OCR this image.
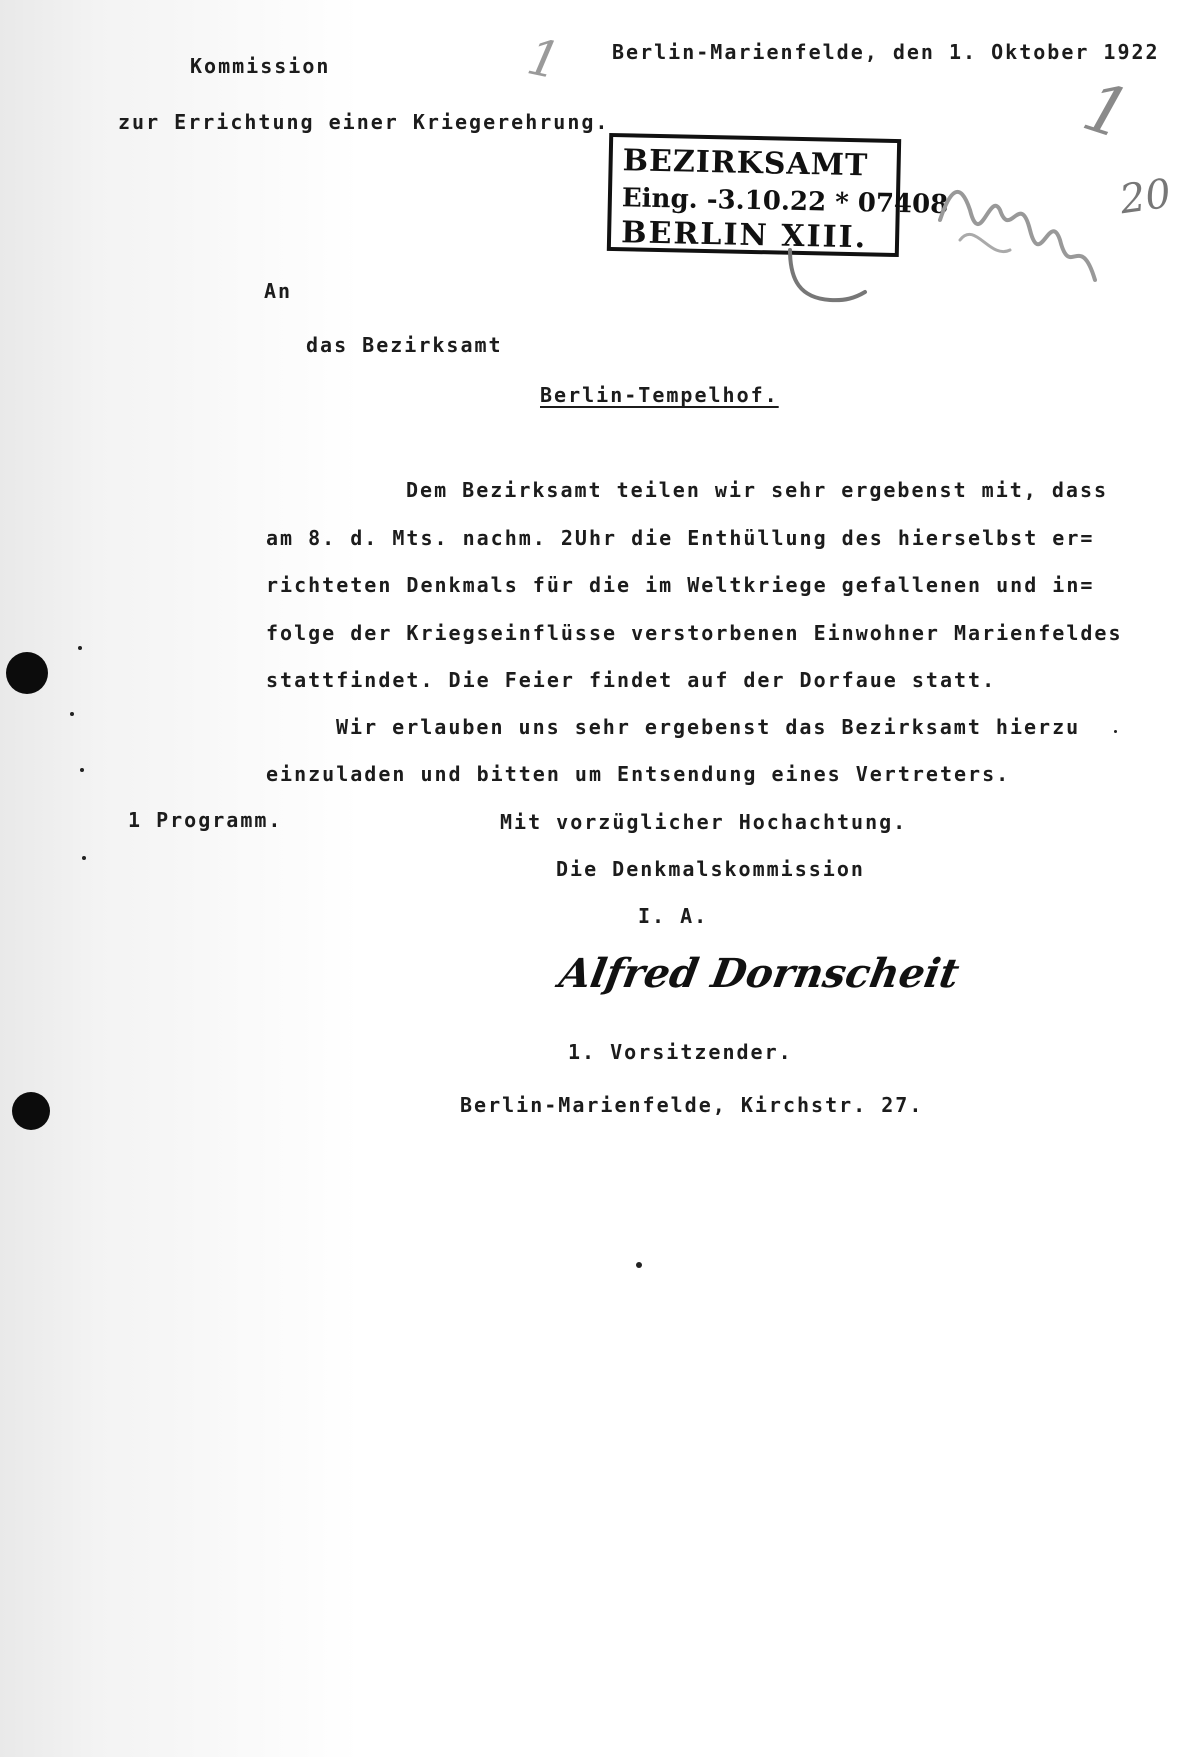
Kommission
zur Errichtung einer Kriegerehrung.
Berlin-Marienfelde, den 1. Oktober 1922
BEZIRKSAMT
Eing. -3.10.22 * 07408
BERLIN XIII.
1
1
20
An
das Bezirksamt
Berlin-Tempelhof.
Dem Bezirksamt teilen wir sehr ergebenst mit, dass
am 8. d. Mts. nachm. 2Uhr die Enthüllung des hierselbst er=
richteten Denkmals für die im Weltkriege gefallenen und in=
folge der Kriegseinflüsse verstorbenen Einwohner Marienfeldes
stattfindet. Die Feier findet auf der Dorfaue statt.
Wir erlauben uns sehr ergebenst das Bezirksamt hierzu
einzuladen und bitten um Entsendung eines Vertreters.
1 Programm.	Mit vorzüglicher Hochachtung.
Die Denkmalskommission
I. A.
Alfred Dornscheit
1. Vorsitzender.
Berlin-Marienfelde, Kirchstr. 27.
